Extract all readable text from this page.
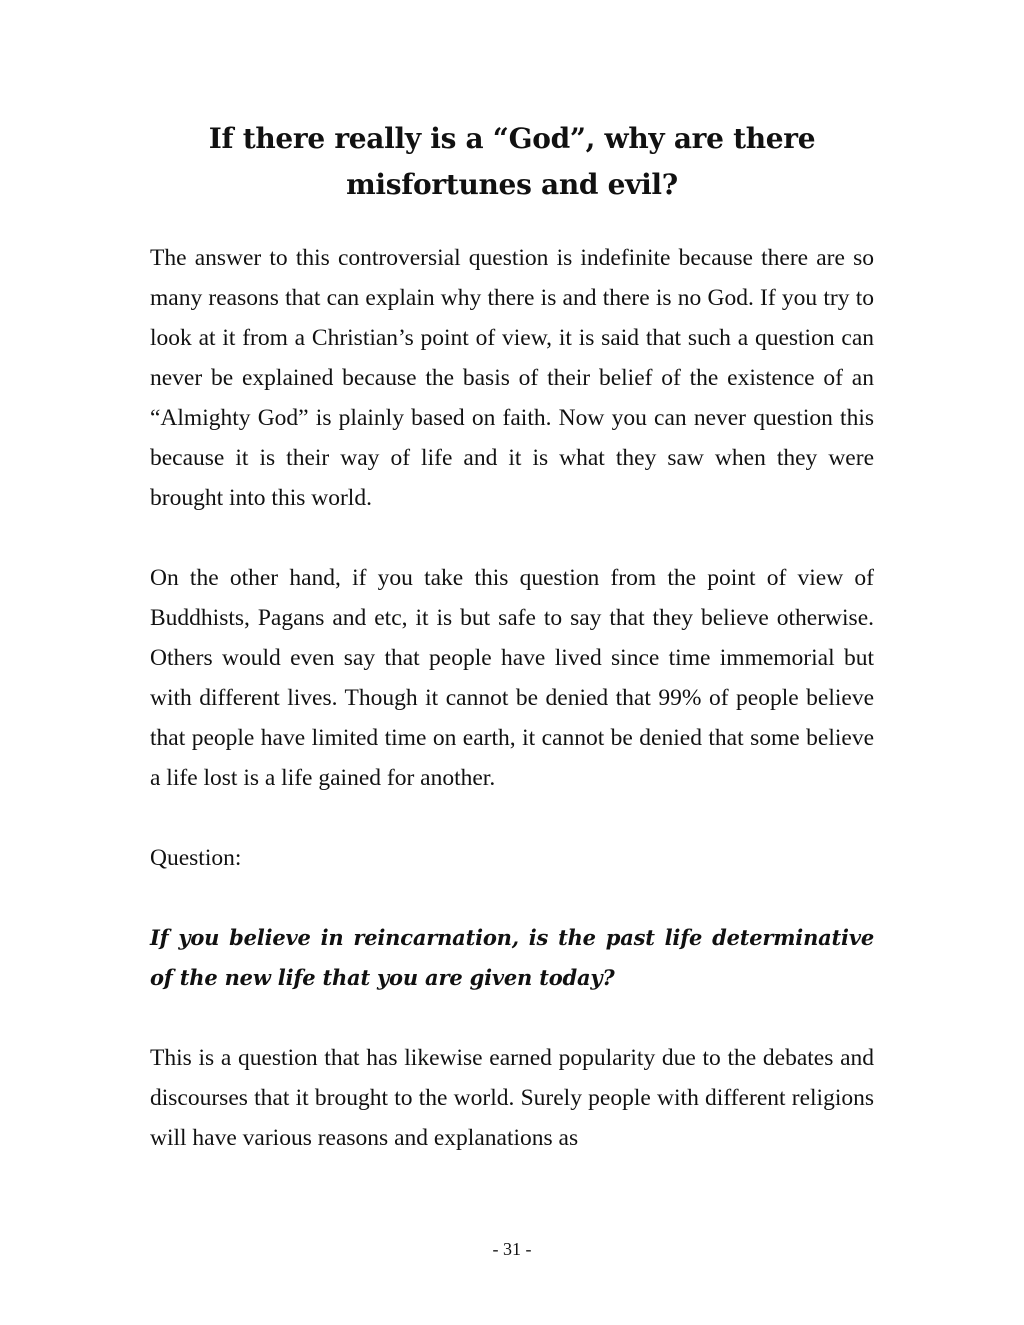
If there really is a “God”, why are there misfortunes and evil?

The answer to this controversial question is indefinite because there are so many reasons that can explain why there is and there is no God. If you try to look at it from a Christian’s point of view, it is said that such a question can never be explained because the basis of their belief of the existence of an “Almighty God” is plainly based on faith. Now you can never question this because it is their way of life and it is what they saw when they were brought into this world.

On the other hand, if you take this question from the point of view of Buddhists, Pagans and etc, it is but safe to say that they believe otherwise. Others would even say that people have lived since time immemorial but with different lives. Though it cannot be denied that 99% of people believe that people have limited time on earth, it cannot be denied that some believe a life lost is a life gained for another.

Question:

If you believe in reincarnation, is the past life determinative of the new life that you are given today?

This is a question that has likewise earned popularity due to the debates and discourses that it brought to the world. Surely people with different religions will have various reasons and explanations as

- 31 -
